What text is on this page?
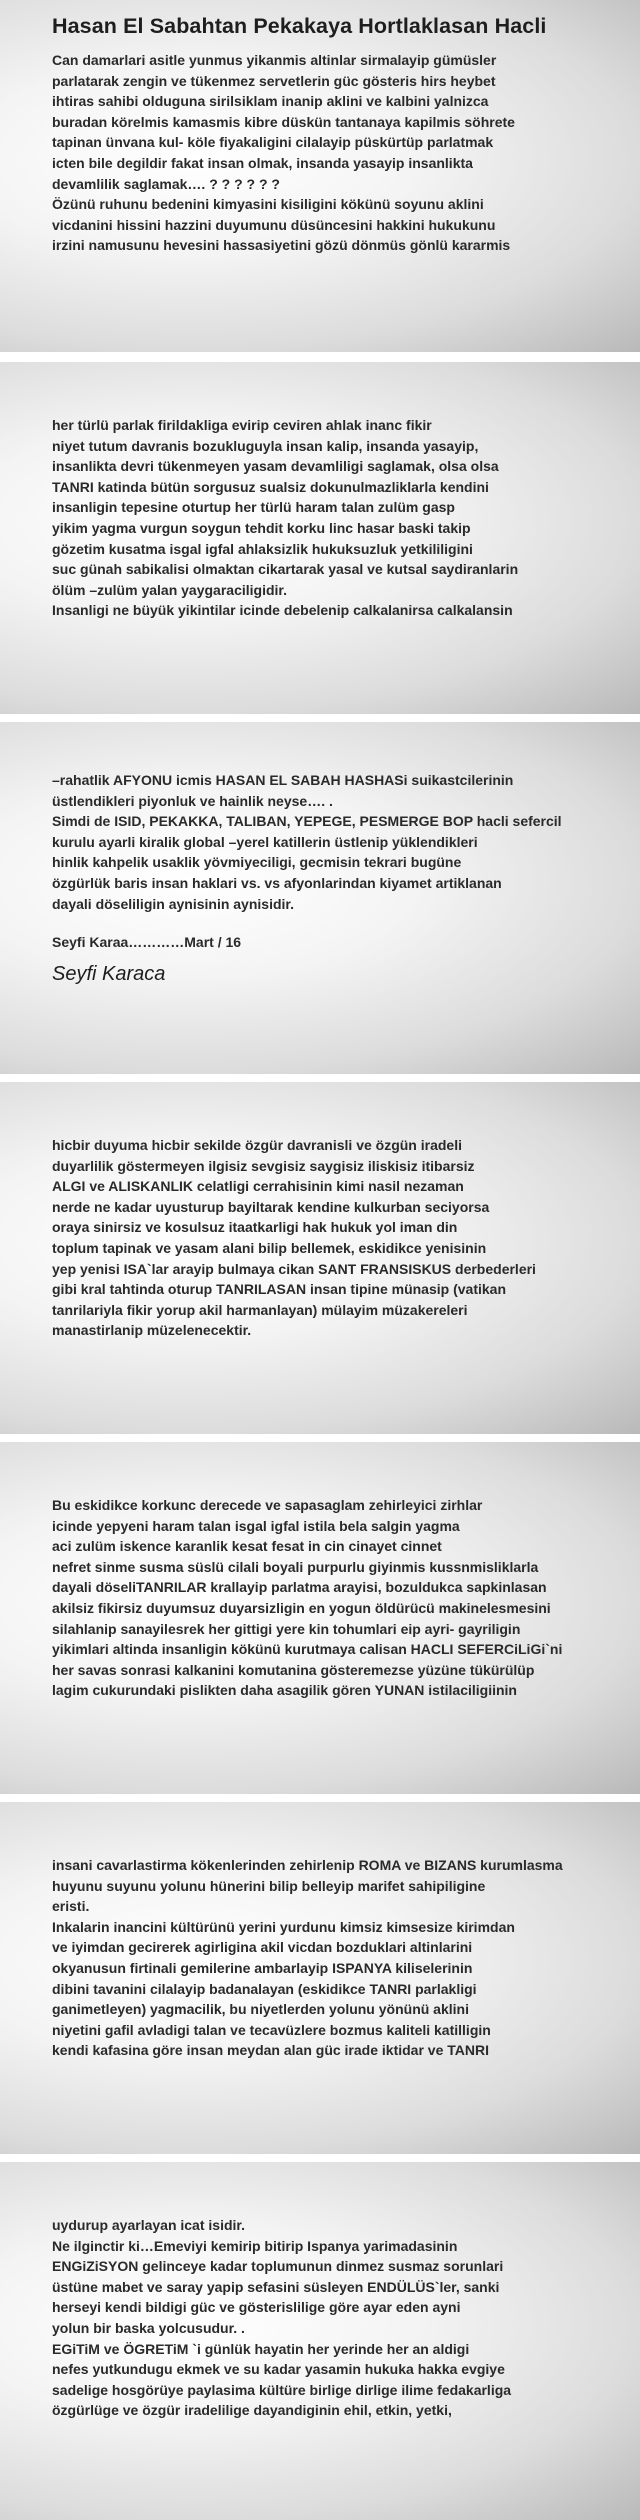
Can damarlari asitle yunmus yikanmis altinlar sirmalayip gümüsler
parlatarak zengin ve tükenmez servetlerin güc gösteris hirs heybet
ihtiras sahibi olduguna sirilsiklam inanip aklini ve kalbini yalnizca
buradan körelmis kamasmis kibre düskün tantanaya kapilmis söhrete
tapinan ünvana kul- köle fiyakaligini cilalayip püskürtüp parlatmak
icten bile degildir fakat insan olmak, insanda yasayip insanlikta
devamlilik saglamak…. ? ? ? ? ? ?
Özünü ruhunu bedenini kimyasini kisiligini kökünü soyunu aklini
vicdanini hissini hazzini duyumunu düsüncesini hakkini hukukunu
irzini namusunu hevesini hassasiyetini gözü dönmüs gönlü kararmis
her türlü parlak firildakliga evirip ceviren ahlak inanc fikir
niyet tutum davranis bozukluguyla insan kalip, insanda yasayip,
insanlikta devri tükenmeyen yasam devamliligi saglamak, olsa olsa
TANRI katinda bütün sorgusuz sualsiz dokunulmazliklarla kendini
insanligin tepesine oturtup her türlü haram talan zulüm gasp
yikim yagma vurgun soygun tehdit korku linc hasar baski takip
gözetim kusatma isgal igfal ahlaksizlik hukuksuzluk yetkililigini
suc günah sabikalisi olmaktan cikartarak yasal ve kutsal saydiranlarin
ölüm –zulüm yalan yaygaraciligidir.
Insanligi ne büyük yikintilar icinde debelenip calkalanirsa calkalansin
–rahatlik AFYONU icmis HASAN EL SABAH HASHASi suikastcilerinin
üstlendikleri piyonluk ve hainlik neyse…. .
Simdi de ISID, PEKAKKA, TALIBAN, YEPEGE, PESMERGE BOP hacli sefercil
kurulu ayarli kiralik global –yerel katillerin üstlenip yüklendikleri
hinlik kahpelik usaklik yövmiyeciligi, gecmisin tekrari bugüne
özgürlük baris insan haklari vs. vs afyonlarindan kiyamet artiklanan
dayali döseliligin aynisinin aynisidir.
Seyfi Karaa…………Mart / 16
Seyfi Karaca
hicbir duyuma hicbir sekilde özgür davranisli ve özgün iradeli
duyarlilik göstermeyen ilgisiz sevgisiz saygisiz iliskisiz itibarsiz
ALGI ve ALISKANLIK celatligi cerrahisinin kimi nasil nezaman
nerde ne kadar uyusturup bayiltarak kendine kulkurban seciyorsa
oraya sinirsiz ve kosulsuz itaatkarligi hak hukuk yol iman din
toplum tapinak ve yasam alani bilip bellemek, eskidikce yenisinin
yep yenisi ISA`lar arayip bulmaya cikan SANT FRANSISKUS derbederleri
gibi kral tahtinda oturup TANRILASAN insan tipine münasip (vatikan
tanrilariyla fikir yorup akil harmanlayan) mülayim müzakereleri
manastirlanip müzelenecektir.
Bu eskidikce korkunc derecede ve sapasaglam zehirleyici zirhlar
icinde yepyeni haram talan isgal igfal istila bela salgin yagma
aci zulüm iskence karanlik kesat fesat in cin cinayet cinnet
nefret sinme susma süslü cilali boyali purpurlu giyinmis kussnmisliklarla
dayali döseliTANRILAR krallayip parlatma arayisi, bozuldukca sapkinlasan
akilsiz fikirsiz duyumsuz duyarsizligin en yogun öldürücü makinelesmesini
silahlanip sanayilesrek her gittigi yere kin tohumlari eip ayri- gayriligin
yikimlari altinda insanligin kökünü kurutmaya calisan HACLI SEFERCiLiGi`ni
her savas sonrasi kalkanini komutanina gösteremezse yüzüne tükürülüp
lagim cukurundaki pislikten daha asagilik gören YUNAN istilaciligiinin
insani cavarlastirma kökenlerinden zehirlenip ROMA ve BIZANS kurumlasma
huyunu suyunu yolunu hünerini bilip belleyip marifet sahipiligine
eristi.
Inkalarin inancini kültürünü yerini yurdunu kimsiz kimsesize kirimdan
ve iyimdan gecirerek agirligina akil vicdan bozduklari altinlarini
okyanusun firtinali gemilerine ambarlayip ISPANYA kiliselerinin
dibini tavanini cilalayip badanalayan (eskidikce TANRI parlakligi
ganimetleyen) yagmacilik, bu niyetlerden yolunu yönünü aklini
niyetini gafil avladigi talan ve tecavüzlere bozmus kaliteli katilligin
kendi kafasina göre insan meydan alan güc irade iktidar ve TANRI
uydurup ayarlayan icat isidir.
Ne ilginctir ki…Emeviyi kemirip bitirip Ispanya yarimadasinin
ENGiZiSYON gelinceye kadar toplumunun dinmez susmaz sorunlari
üstüne mabet ve saray yapip sefasini süsleyen ENDÜLÜS`ler, sanki
herseyi kendi bildigi güc ve gösterislilige göre ayar eden ayni
yolun bir baska yolcusudur. .
EGiTiM ve ÖGRETiM `i günlük hayatin her yerinde her an aldigi
nefes yutkundugu ekmek ve su kadar yasamin hukuka hakka evgiye
sadelige hosgörüye paylasima kültüre birlige dirlige ilime fedakarliga
özgürlüge ve özgür iradelilige dayandiginin ehil, etkin, yetki,
Hasan El Sabahtan Pekakaya Hortlaklasan Hacli
